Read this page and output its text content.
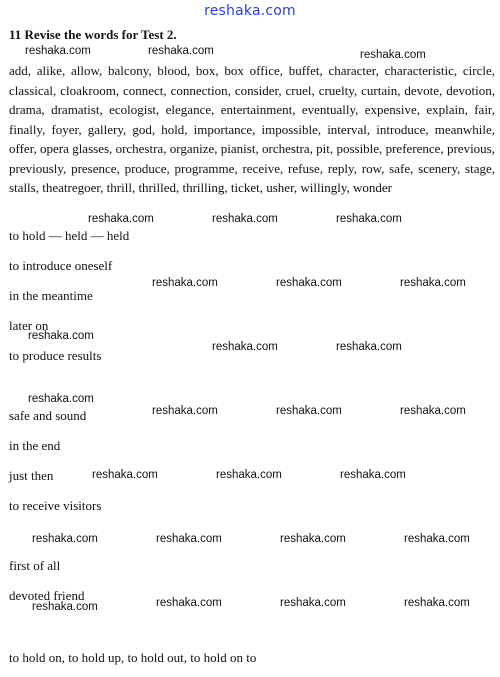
reshaka.com
11 Revise the words for Test 2.
add, alike, allow, balcony, blood, box, box office, buffet, character, characteristic, circle, classical, cloakroom, connect, connection, consider, cruel, cruelty, curtain, devote, devotion, drama, dramatist, ecologist, elegance, entertainment, eventually, expensive, explain, fair, finally, foyer, gallery, god, hold, importance, impossible, interval, introduce, meanwhile, offer, opera glasses, orchestra, organize, pianist, orchestra, pit, possible, preference, previous, previously, presence, produce, programme, receive, refuse, reply, row, safe, scenery, stage, stalls, theatregoer, thrill, thrilled, thrilling, ticket, usher, willingly, wonder
to hold — held — held
to introduce oneself
in the meantime
later on
to produce results
safe and sound
in the end
just then
to receive visitors
first of all
devoted friend
to hold on, to hold up, to hold out, to hold on to
reshaka.com	reshaka.com	reshaka.com
reshaka.com	reshaka.com	reshaka.com
reshaka.com	reshaka.com	reshaka.com
reshaka.com
reshaka.com	reshaka.com
reshaka.com
reshaka.com	reshaka.com	reshaka.com
reshaka.com	reshaka.com	reshaka.com
reshaka.com	reshaka.com	reshaka.com	reshaka.com
reshaka.com	reshaka.com	reshaka.com	reshaka.com
